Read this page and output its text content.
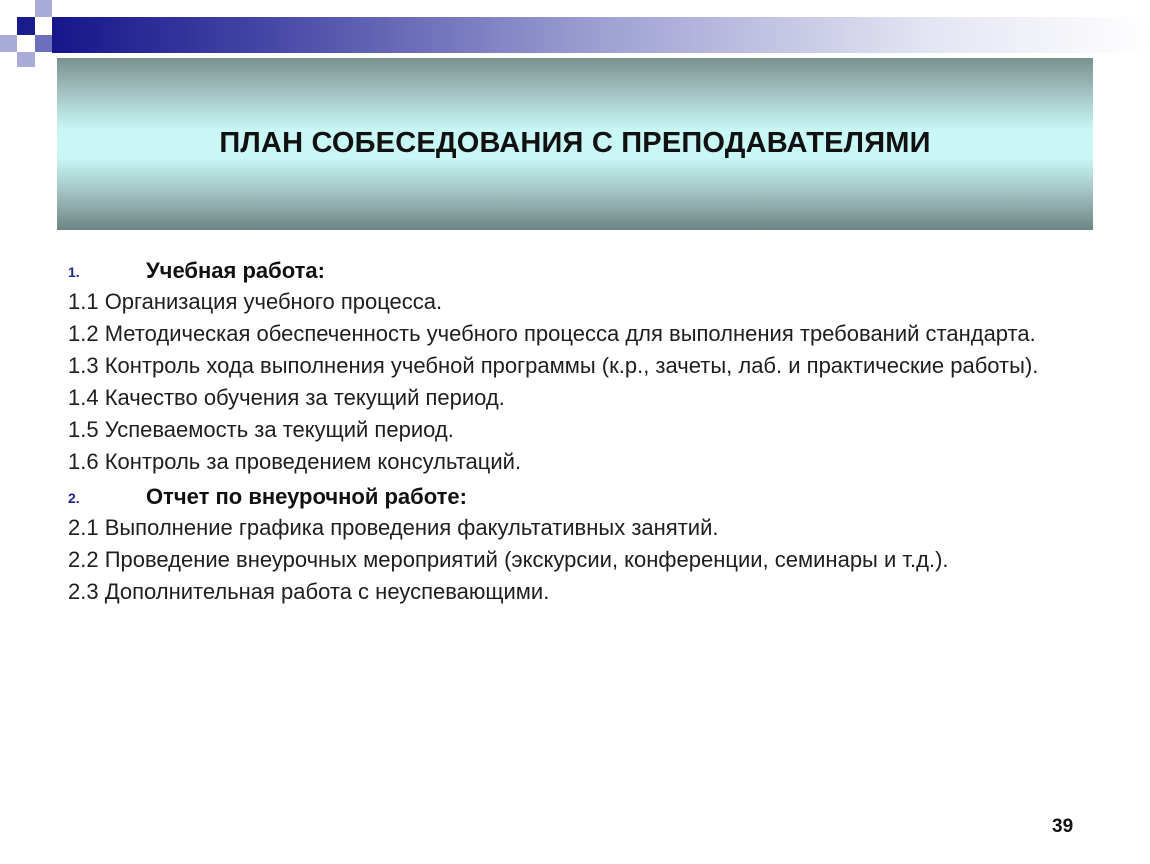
ПЛАН СОБЕСЕДОВАНИЯ С ПРЕПОДАВАТЕЛЯМИ
1.	Учебная работа:
1.1 Организация учебного процесса.
1.2 Методическая обеспеченность учебного процесса для выполнения требований стандарта.
1.3 Контроль хода выполнения учебной программы (к.р., зачеты, лаб. и практические работы).
1.4 Качество обучения за текущий период.
1.5 Успеваемость за текущий период.
1.6 Контроль за проведением консультаций.
2.	Отчет по внеурочной работе:
2.1 Выполнение графика проведения факультативных занятий.
2.2 Проведение внеурочных мероприятий (экскурсии, конференции, семинары и т.д.).
2.3 Дополнительная работа с неуспевающими.
39
